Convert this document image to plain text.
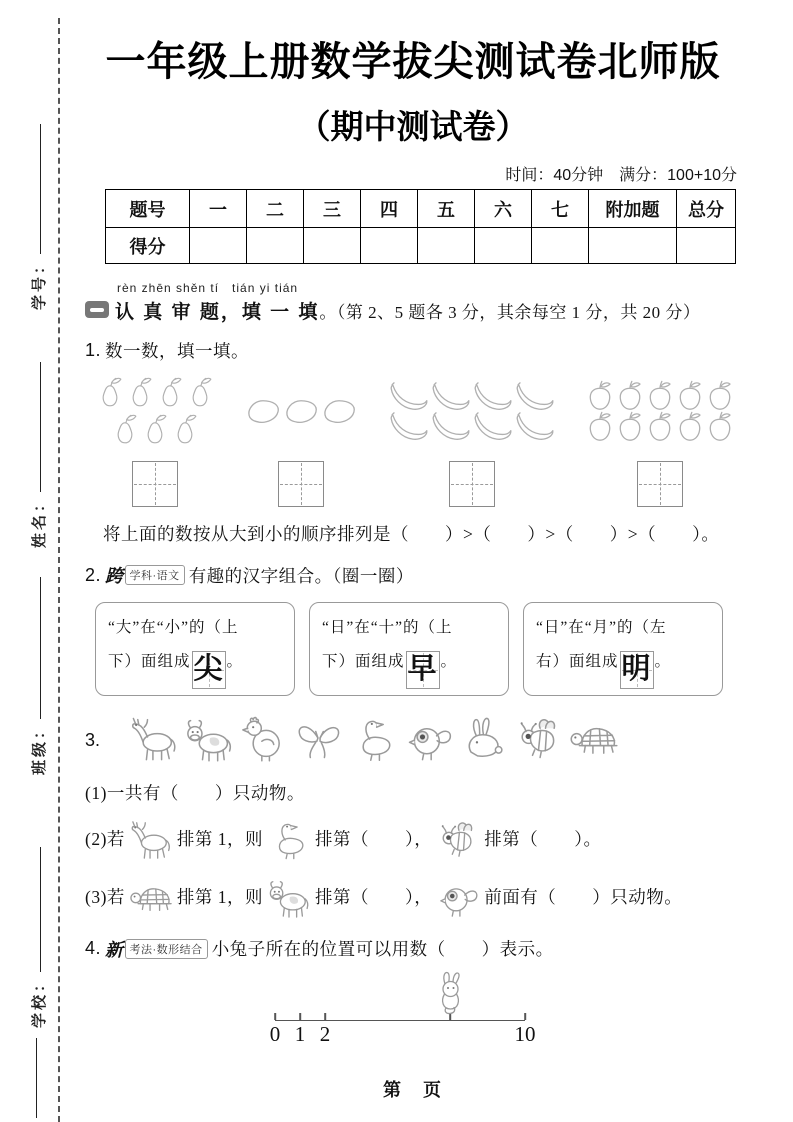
学号：
姓名：
班级：
学校：
一年级上册数学拔尖测试卷北师版
（期中测试卷）
时间：40分钟　满分：100+10分
题号	一	二	三	四	五	六	七	附加题	总分
得分									
rèn zhēn shěn tí　tián yi tián
认 真 审 题，填 一 填 。（第 2、5 题各 3 分，其余每空 1 分，共 20 分）
1. 数一数，填一填。
将上面的数按从大到小的顺序排列是（　　）>（　　）>（　　）>（　　）。
2. 跨 学科·语文 有趣的汉字组合。（圈一圈）
“大”在“小”的（上
下）面组成 尖 。
“日”在“十”的（上
下）面组成 早 。
“日”在“月”的（左
右）面组成 明 。
3.
(1)一共有（　　）只动物。
(2)若	排第 1，则	排第（　　），	排第（　　）。
(3)若	排第 1，则	排第（　　），	前面有（　　）只动物。
4. 新 考法·数形结合 小兔子所在的位置可以用数（　　）表示。
0 1 2	10
第　页
